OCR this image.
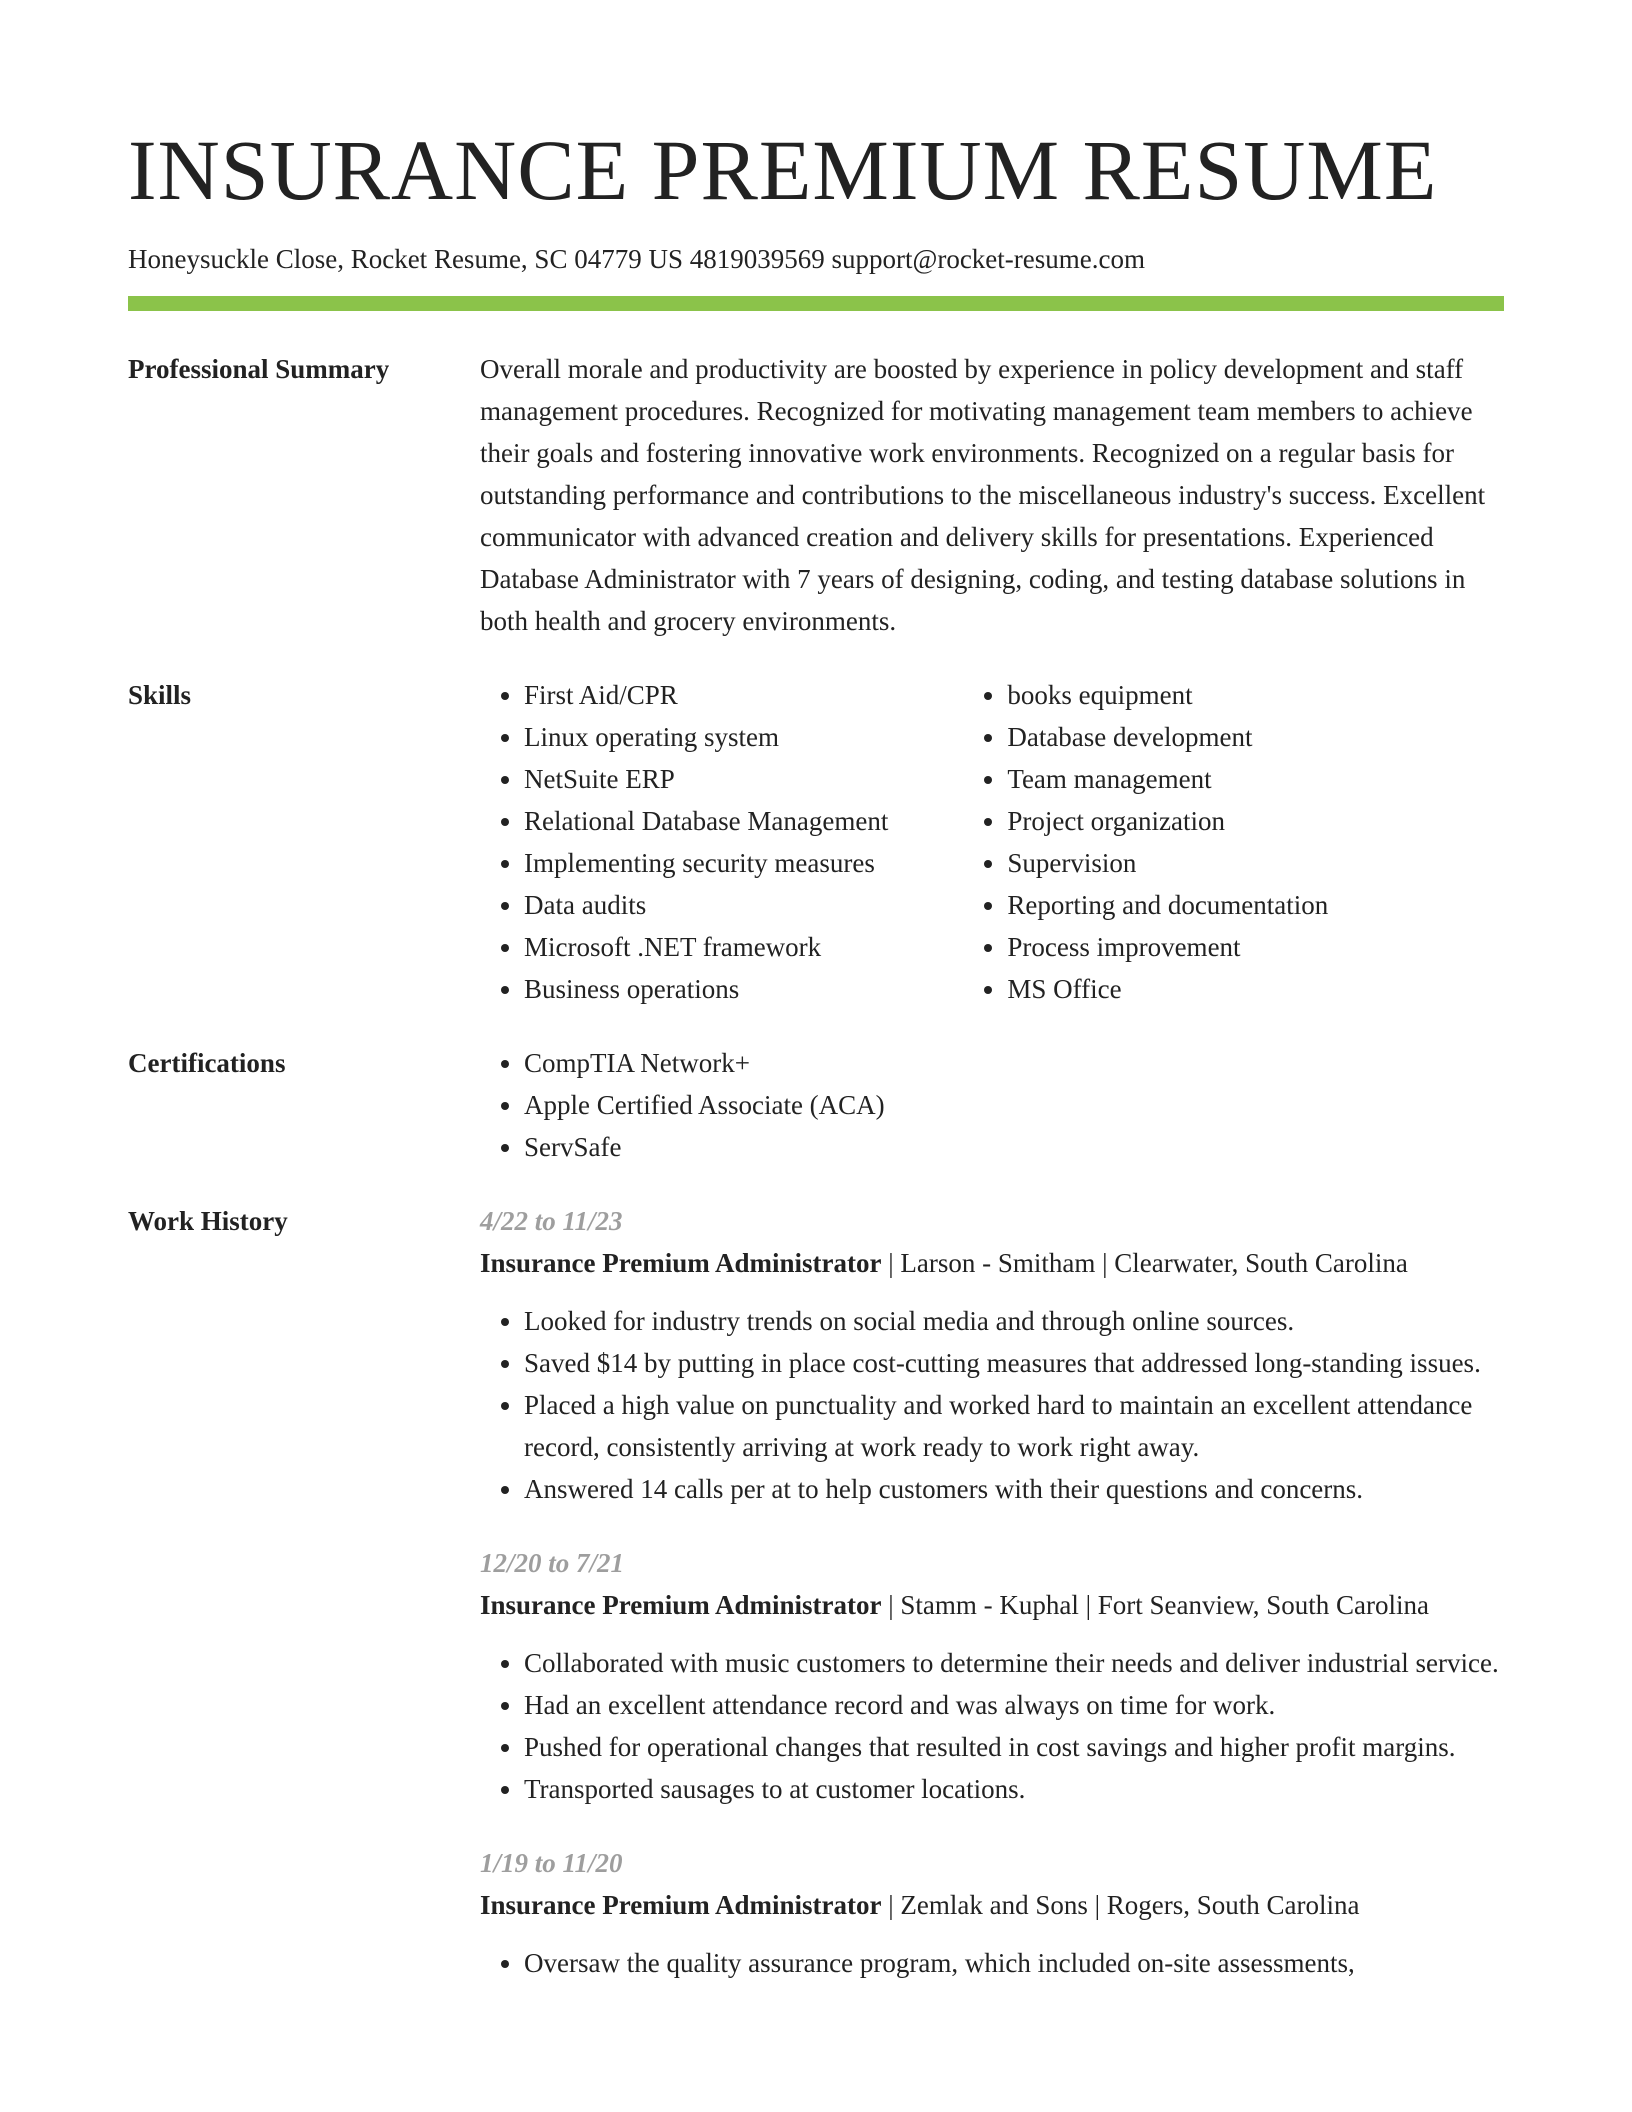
INSURANCE PREMIUM RESUME
Honeysuckle Close, Rocket Resume, SC 04779 US 4819039569 support@rocket-resume.com
Professional Summary	Overall morale and productivity are boosted by experience in policy development and staff management procedures. Recognized for motivating management team members to achieve their goals and fostering innovative work environments. Recognized on a regular basis for outstanding performance and contributions to the miscellaneous industry's success. Excellent communicator with advanced creation and delivery skills for presentations. Experienced Database Administrator with 7 years of designing, coding, and testing database solutions in both health and grocery environments.

Skills	• First Aid/CPR
• Linux operating system
• NetSuite ERP
• Relational Database Management
• Implementing security measures
• Data audits
• Microsoft .NET framework
• Business operations
• books equipment
• Database development
• Team management
• Project organization
• Supervision
• Reporting and documentation
• Process improvement
• MS Office
Certifications	• CompTIA Network+
• Apple Certified Associate (ACA)
• ServSafe
Work History	4/22 to 11/23
Insurance Premium Administrator | Larson - Smitham | Clearwater, South Carolina
• Looked for industry trends on social media and through online sources.
• Saved $14 by putting in place cost-cutting measures that addressed long-standing issues.
• Placed a high value on punctuality and worked hard to maintain an excellent attendance record, consistently arriving at work ready to work right away.
• Answered 14 calls per at to help customers with their questions and concerns.
12/20 to 7/21
Insurance Premium Administrator | Stamm - Kuphal | Fort Seanview, South Carolina
• Collaborated with music customers to determine their needs and deliver industrial service.
• Had an excellent attendance record and was always on time for work.
• Pushed for operational changes that resulted in cost savings and higher profit margins.
• Transported sausages to at customer locations.
1/19 to 11/20
Insurance Premium Administrator | Zemlak and Sons | Rogers, South Carolina
• Oversaw the quality assurance program, which included on-site assessments,
